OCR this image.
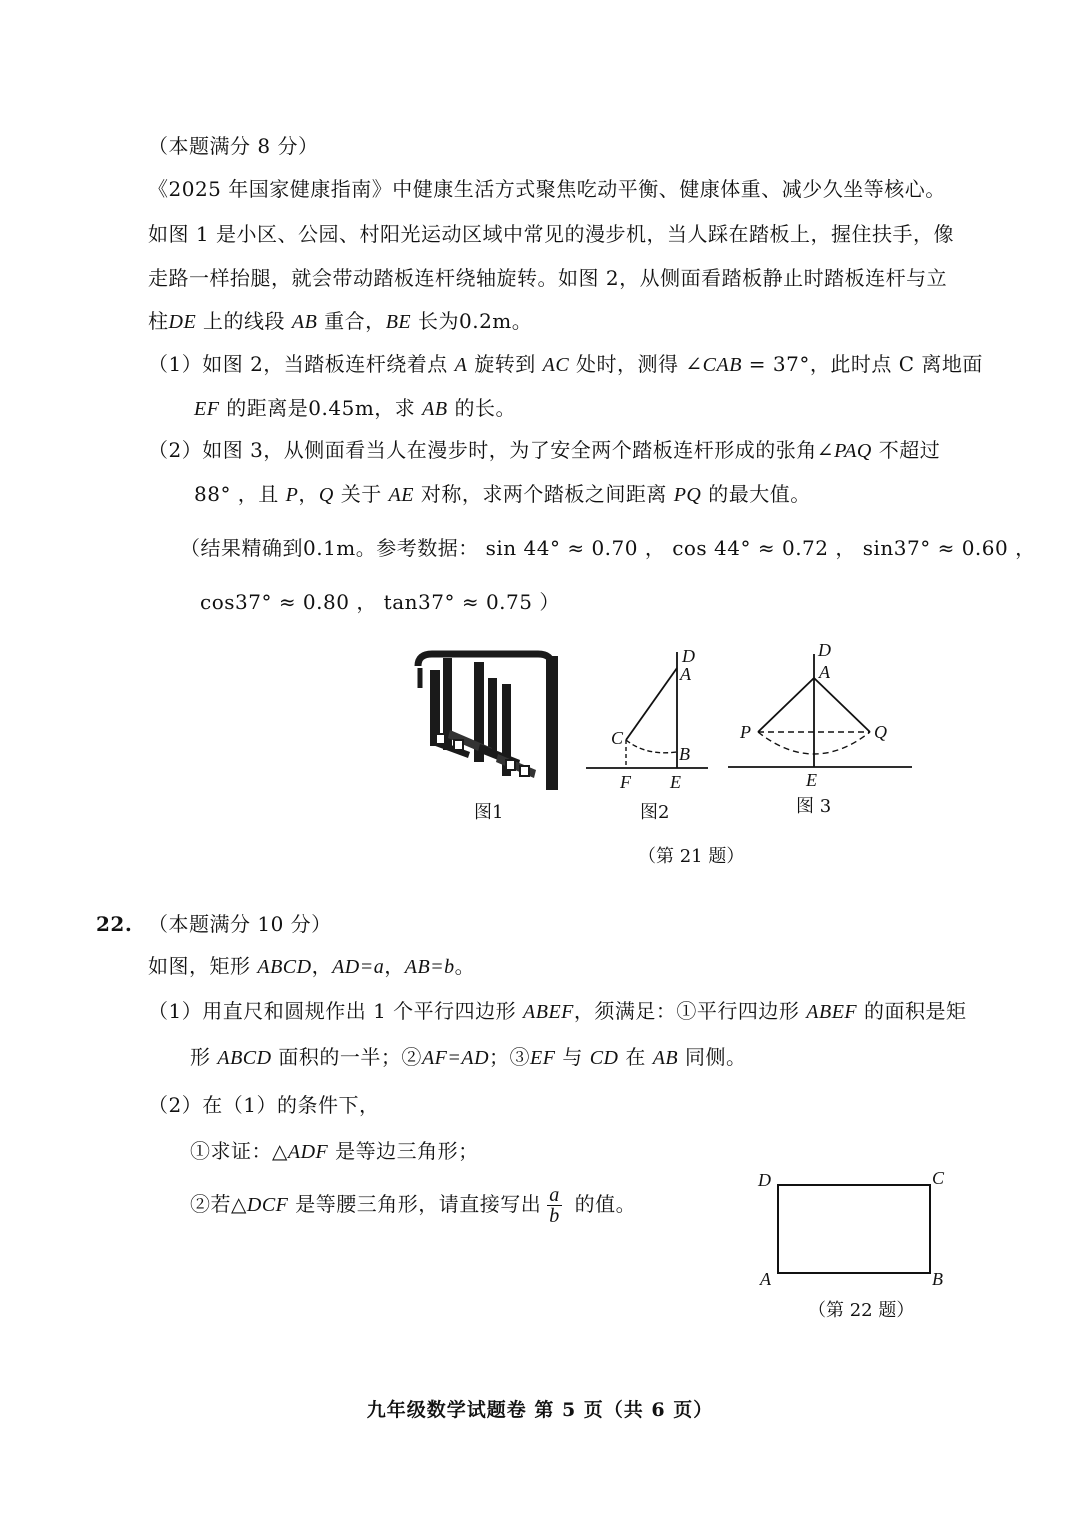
（本题满分 8 分）
《2025 年国家健康指南》中健康生活方式聚焦吃动平衡、健康体重、减少久坐等核心。
如图 1 是小区、公园、村阳光运动区域中常见的漫步机，当人踩在踏板上，握住扶手，像
走路一样抬腿，就会带动踏板连杆绕轴旋转。如图 2，从侧面看踏板静止时踏板连杆与立
柱DE 上的线段 AB 重合，BE 长为0.2m。
（1）如图 2，当踏板连杆绕着点 A 旋转到 AC 处时，测得 ∠CAB = 37°，此时点 C 离地面
EF 的距离是0.45m，求 AB 的长。
（2）如图 3，从侧面看当人在漫步时，为了安全两个踏板连杆形成的张角∠PAQ 不超过
88° ，且 P，Q 关于 AE 对称，求两个踏板之间距离 PQ 的最大值。
（结果精确到0.1m。参考数据： sin 44° ≈ 0.70 ， cos 44° ≈ 0.72 ， sin37° ≈ 0.60 ，
cos37° ≈ 0.80 ， tan37° ≈ 0.75 ）
D
A
C
B
F E
D
A
P	Q
E
图1	图2	图 3
（第 21 题）
22. （本题满分 10 分）
如图，矩形 ABCD，AD=a，AB=b。
（1）用直尺和圆规作出 1 个平行四边形 ABEF，须满足：①平行四边形 ABEF 的面积是矩
形 ABCD 面积的一半；②AF=AD；③EF 与 CD 在 AB 同侧。
（2）在（1）的条件下，
①求证：△ADF 是等边三角形；
②若△DCF 是等腰三角形，请直接写出 $\frac{a}{b}$ 的值。
D	C
A	B
（第 22 题）
九年级数学试题卷 第 5 页（共 6 页）
